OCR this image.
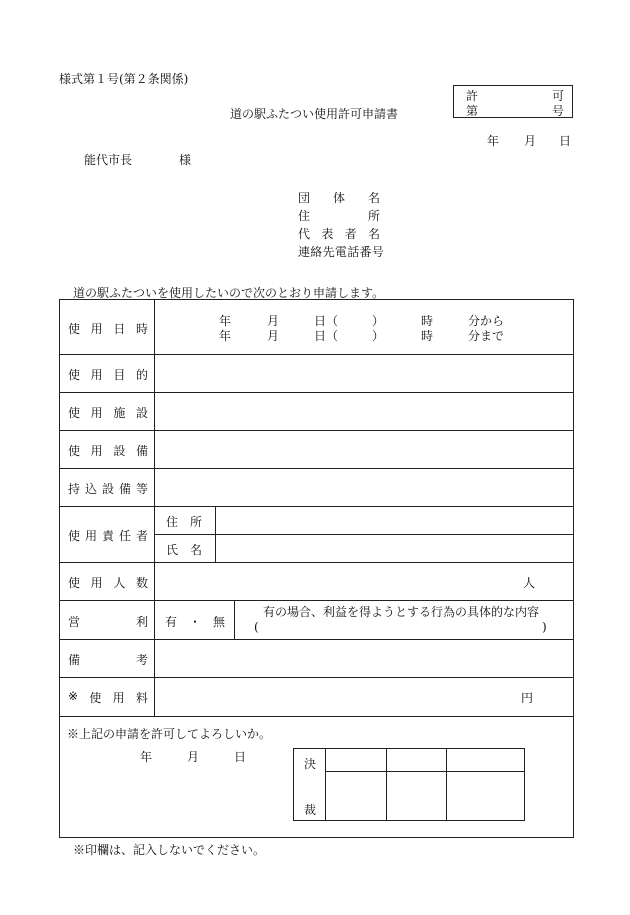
様式第１号(第２条関係)
許	可
第	号
道の駅ふたつい使用許可申請書
年 月 日
能代市長	様
団 体 名
住	所
代 表 者 名
連絡先電話番号
道の駅ふたついを使用したいので次のとおり申請します。
使 用 日 時
年	月	日（	）	時	分から
年	月	日（	）	時	分まで
使 用 目 的
使 用 施 設
使 用 設 備
持 込 設 備 等
使 用 責 任 者
住　所
氏　名
使 用 人 数	人
営	利 有　・　無
有の場合、利益を得ようとする行為の具体的な内容
(	)
備	考
※ 使 用 料	円
※上記の申請を許可してよろしいか。
年	月	日	決
裁
※印欄は、記入しないでください。
